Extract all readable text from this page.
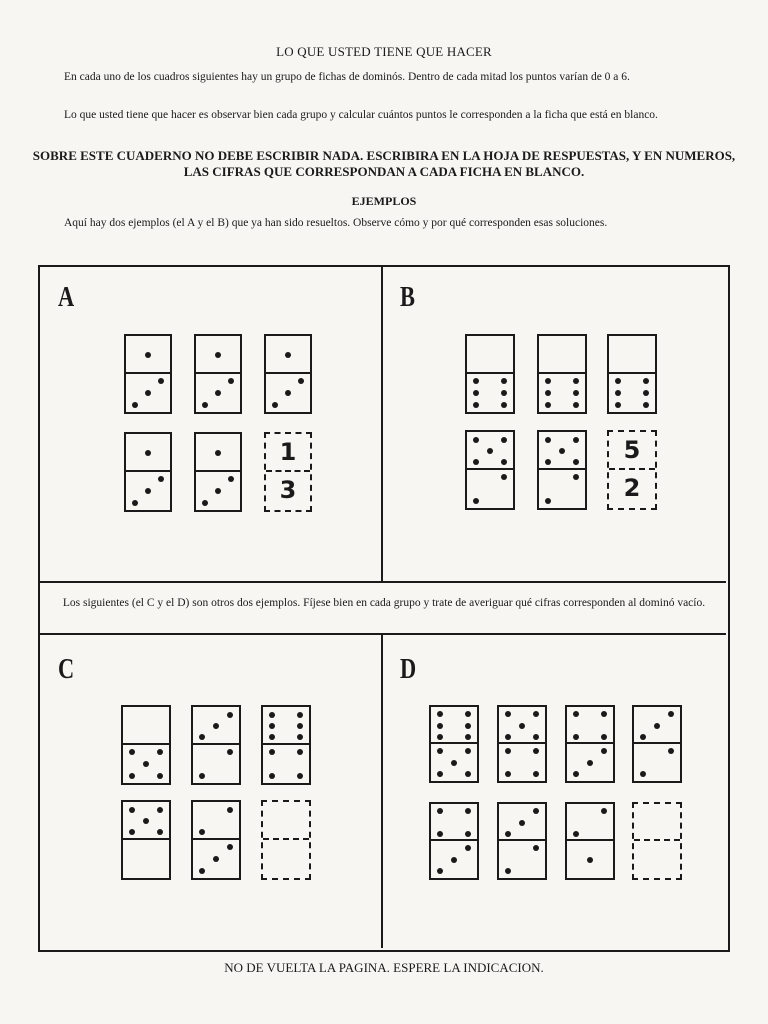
LO QUE USTED TIENE QUE HACER
En cada uno de los cuadros siguientes hay un grupo de fichas de dominós. Dentro de cada mitad los puntos varían de 0 a 6.
Lo que usted tiene que hacer es observar bien cada grupo y calcular cuántos puntos le corresponden a la ficha que está en blanco.
SOBRE ESTE CUADERNO NO DEBE ESCRIBIR NADA. ESCRIBIRA EN LA HOJA DE RESPUESTAS, Y EN NUMEROS, LAS CIFRAS QUE CORRESPONDAN A CADA FICHA EN BLANCO.
EJEMPLOS
Aquí hay dos ejemplos (el A y el B) que ya han sido resueltos. Observe cómo y por qué corresponden esas soluciones.
Los siguientes (el C y el D) son otros dos ejemplos. Fíjese bien en cada grupo y trate de averiguar qué cifras corresponden al dominó vacío.
A	B
C	D
1
3
5
2
NO DE VUELTA LA PAGINA. ESPERE LA INDICACION.
